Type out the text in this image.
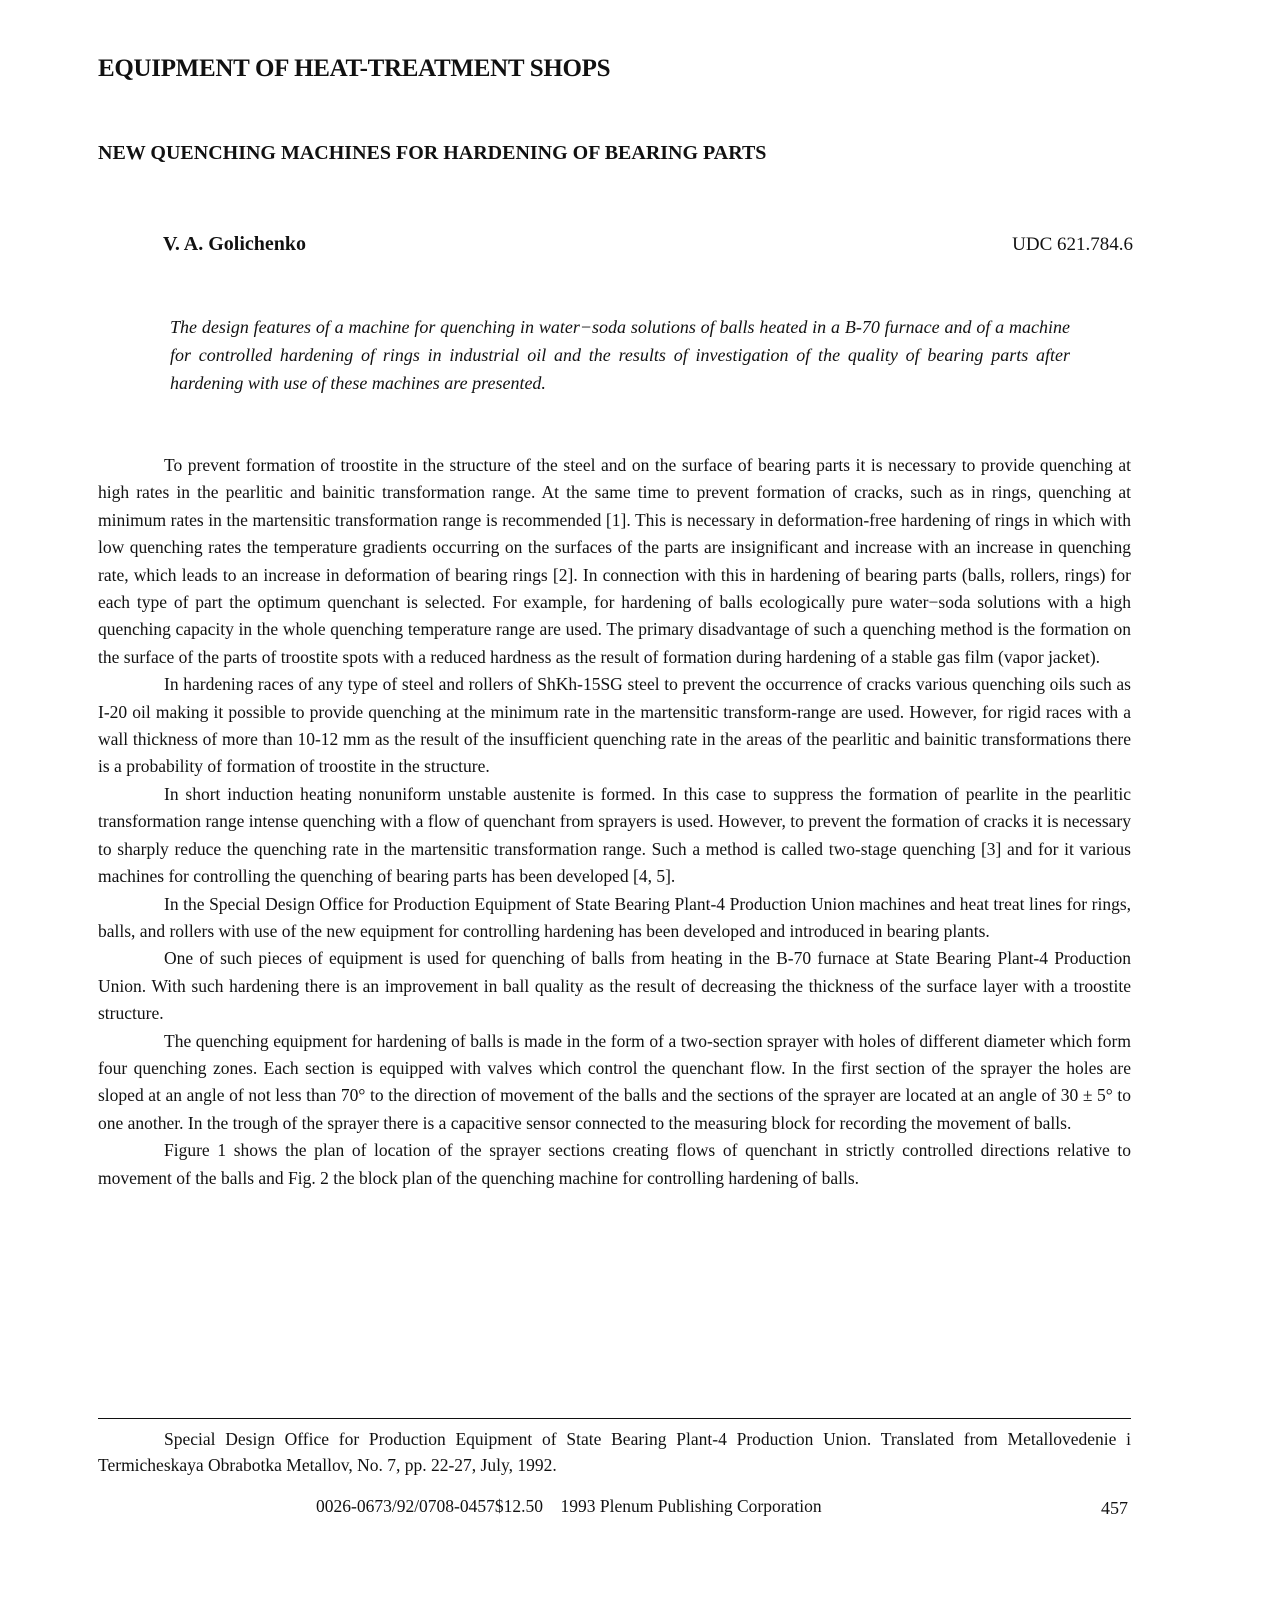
EQUIPMENT OF HEAT-TREATMENT SHOPS
NEW QUENCHING MACHINES FOR HARDENING OF BEARING PARTS
V. A. Golichenko	UDC 621.784.6

The design features of a machine for quenching in water−soda solutions of balls heated in a B-70 furnace and of a machine for controlled hardening of rings in industrial oil and the results of investigation of the quality of bearing parts after hardening with use of these machines are presented.

To prevent formation of troostite in the structure of the steel and on the surface of bearing parts it is necessary to provide quenching at high rates in the pearlitic and bainitic transformation range. At the same time to prevent formation of cracks, such as in rings, quenching at minimum rates in the martensitic transformation range is recommended [1]. This is necessary in deformation-free hardening of rings in which with low quenching rates the temperature gradients occurring on the surfaces of the parts are insignificant and increase with an increase in quenching rate, which leads to an increase in deformation of bearing rings [2]. In connection with this in hardening of bearing parts (balls, rollers, rings) for each type of part the optimum quenchant is selected. For example, for hardening of balls ecologically pure water−soda solutions with a high quenching capacity in the whole quenching temperature range are used. The primary disadvantage of such a quenching method is the formation on the surface of the parts of troostite spots with a reduced hardness as the result of formation during hardening of a stable gas film (vapor jacket).

In hardening races of any type of steel and rollers of ShKh-15SG steel to prevent the occurrence of cracks various quenching oils such as I-20 oil making it possible to provide quenching at the minimum rate in the martensitic transform-range are used. However, for rigid races with a wall thickness of more than 10-12 mm as the result of the insufficient quenching rate in the areas of the pearlitic and bainitic transformations there is a probability of formation of troostite in the structure.

In short induction heating nonuniform unstable austenite is formed. In this case to suppress the formation of pearlite in the pearlitic transformation range intense quenching with a flow of quenchant from sprayers is used. However, to prevent the formation of cracks it is necessary to sharply reduce the quenching rate in the martensitic transformation range. Such a method is called two-stage quenching [3] and for it various machines for controlling the quenching of bearing parts has been developed [4, 5].

In the Special Design Office for Production Equipment of State Bearing Plant-4 Production Union machines and heat treat lines for rings, balls, and rollers with use of the new equipment for controlling hardening has been developed and introduced in bearing plants.

One of such pieces of equipment is used for quenching of balls from heating in the B-70 furnace at State Bearing Plant-4 Production Union. With such hardening there is an improvement in ball quality as the result of decreasing the thickness of the surface layer with a troostite structure.

The quenching equipment for hardening of balls is made in the form of a two-section sprayer with holes of different diameter which form four quenching zones. Each section is equipped with valves which control the quenchant flow. In the first section of the sprayer the holes are sloped at an angle of not less than 70° to the direction of movement of the balls and the sections of the sprayer are located at an angle of 30 ± 5° to one another. In the trough of the sprayer there is a capacitive sensor connected to the measuring block for recording the movement of balls.

Figure 1 shows the plan of location of the sprayer sections creating flows of quenchant in strictly controlled directions relative to movement of the balls and Fig. 2 the block plan of the quenching machine for controlling hardening of balls.

Special Design Office for Production Equipment of State Bearing Plant-4 Production Union. Translated from Metallovedenie i Termicheskaya Obrabotka Metallov, No. 7, pp. 22-27, July, 1992.

0026-0673/92/0708-0457$12.50 1993 Plenum Publishing Corporation	457
